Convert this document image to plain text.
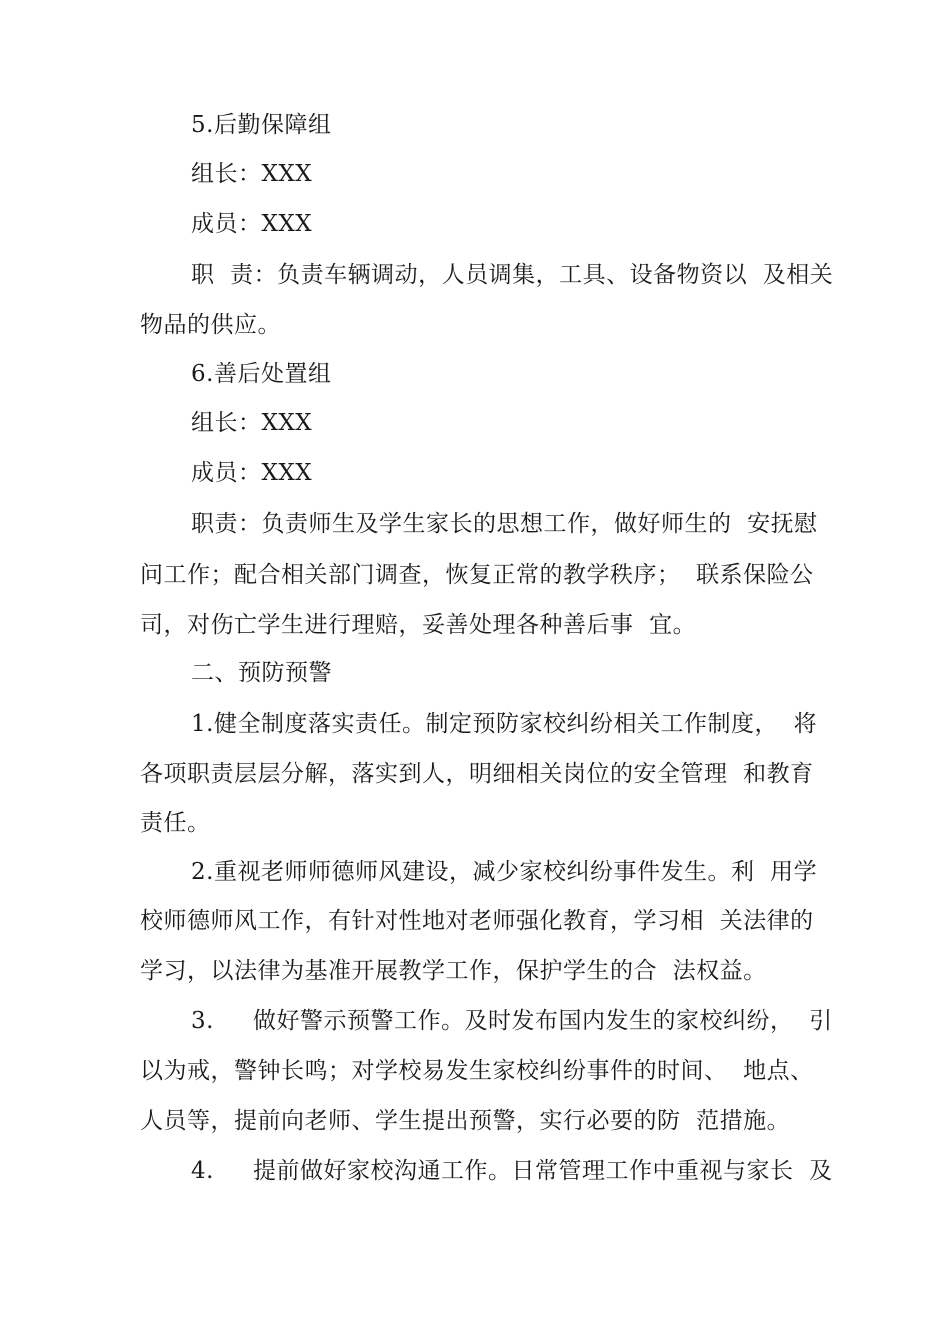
5.后勤保障组
组长：XXX
成员：XXX
职  责：负责车辆调动，人员调集，工具、设备物资以  及相关
物品的供应。
6.善后处置组
组长：XXX
成员：XXX
职责：负责师生及学生家长的思想工作，做好师生的  安抚慰
问工作；配合相关部门调查，恢复正常的教学秩序；  联系保险公
司，对伤亡学生进行理赔，妥善处理各种善后事  宜。
二、预防预警
1.健全制度落实责任。制定预防家校纠纷相关工作制度，  将
各项职责层层分解，落实到人，明细相关岗位的安全管理  和教育
责任。
2.重视老师师德师风建设，减少家校纠纷事件发生。利  用学
校师德师风工作，有针对性地对老师强化教育，学习相  关法律的
学习，以法律为基准开展教学工作，保护学生的合  法权益。
3.     做好警示预警工作。及时发布国内发生的家校纠纷，  引
以为戒，警钟长鸣；对学校易发生家校纠纷事件的时间、  地点、
人员等，提前向老师、学生提出预警，实行必要的防  范措施。
4.     提前做好家校沟通工作。日常管理工作中重视与家长  及
